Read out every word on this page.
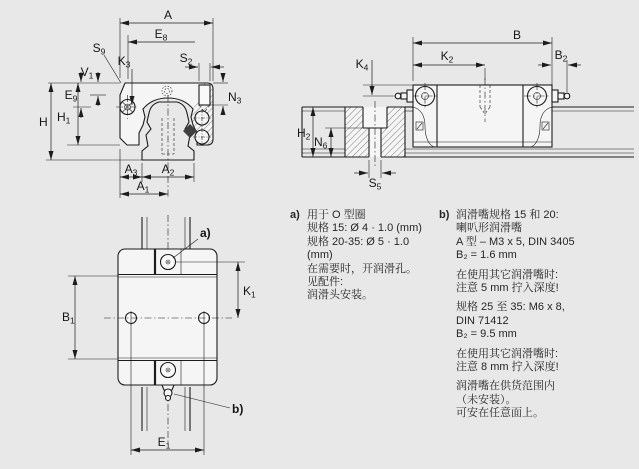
A
$E_8$
$S_9$
$V_1$
$K_3$	$S_2$
$N_3$
$E_9$
H $H_1$
$A_3$ $A_2$
$A_1$
B
$K_2$	$B_2$
$K_4$
$H_2$ $N_6$
$S_5$
$B_1$
$K_1$
$E_1$
a)
b)
a) 用于 O 型圈
规格 15: Ø 4 · 1.0 (mm)
规格 20-35: Ø 5 · 1.0
(mm)
在需要时，开润滑孔。
见配件:
润滑头安装。
b) 润滑嘴规格 15 和 20:
喇叭形润滑嘴
A 型 – M3 x 5, DIN 3405
B₂ = 1.6 mm
在使用其它润滑嘴时:
注意 5 mm 拧入深度!
规格 25 至 35: M6 x 8,
DIN 71412
B₂ = 9.5 mm
在使用其它润滑嘴时:
注意 8 mm 拧入深度!
润滑嘴在供货范围内
（未安装）。
可安在任意面上。
